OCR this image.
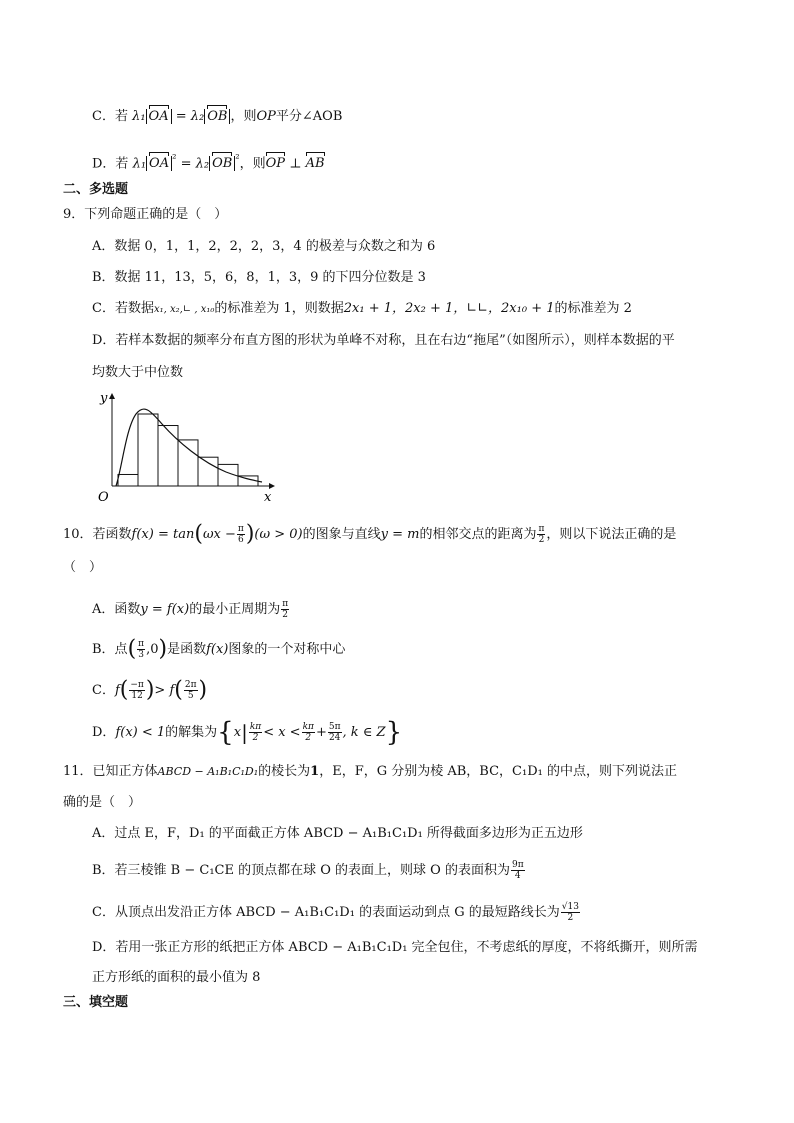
C．若 λ₁ OA = λ₂ OB ，则OP平分∠AOB
D．若 λ₁ OA $^{^2}$ = λ₂ OB $^{^2}$，则OP ⊥ AB
二、多选题
9．下列命题正确的是（　）
A．数据 0，1，1，2，2，2，3，4 的极差与众数之和为 6
B．数据 11，13，5，6，8，1，3，9 的下四分位数是 3
C．若数据x₁, x₂,∟ , x₁₀的标准差为 1，则数据2x₁ + 1，2x₂ + 1，∟∟，2x₁₀ + 1的标准差为 2
D．若样本数据的频率分布直方图的形状为单峰不对称，且在右边“拖尾”（如图所示），则样本数据的平
均数大于中位数
y
x
O
10．若函数$f(x) = \tan(\omega x - \frac{\pi}{6} )(\omega > 0)$的图象与直线y = m的相邻交点的距离为 $\frac{\pi}{2}$ ，则以下说法正确的是
（　）
A．函数y = f(x)的最小正周期为 $\frac{\pi}{2}$
B．点( $\frac{\pi}{3} ,0$)是函数f(x)图象的一个对称中心
C．$f( \frac{-\pi}{12}$ )> $f( \frac{2\pi}{5}$ )
D．f(x) < 1的解集为{$x| \frac{k\pi}{2} < x < \frac{k\pi}{2} + \frac{5\pi}{24}$ , k ∈ Z}
11．已知正方体ABCD − A₁B₁C₁D₁的棱长为1，E，F，G 分别为棱 AB，BC，C₁D₁ 的中点，则下列说法正
确的是（　）
A．过点 E，F，D₁ 的平面截正方体 ABCD − A₁B₁C₁D₁ 所得截面多边形为正五边形
B．若三棱锥 B − C₁CE 的顶点都在球 O 的表面上，则球 O 的表面积为 $\frac{9\pi}{4}$
C．从顶点出发沿正方体 ABCD − A₁B₁C₁D₁ 的表面运动到点 G 的最短路线长为 $\frac{√13}{2}$
D．若用一张正方形的纸把正方体 ABCD − A₁B₁C₁D₁ 完全包住，不考虑纸的厚度，不将纸撕开，则所需
正方形纸的面积的最小值为 8
三、填空题
